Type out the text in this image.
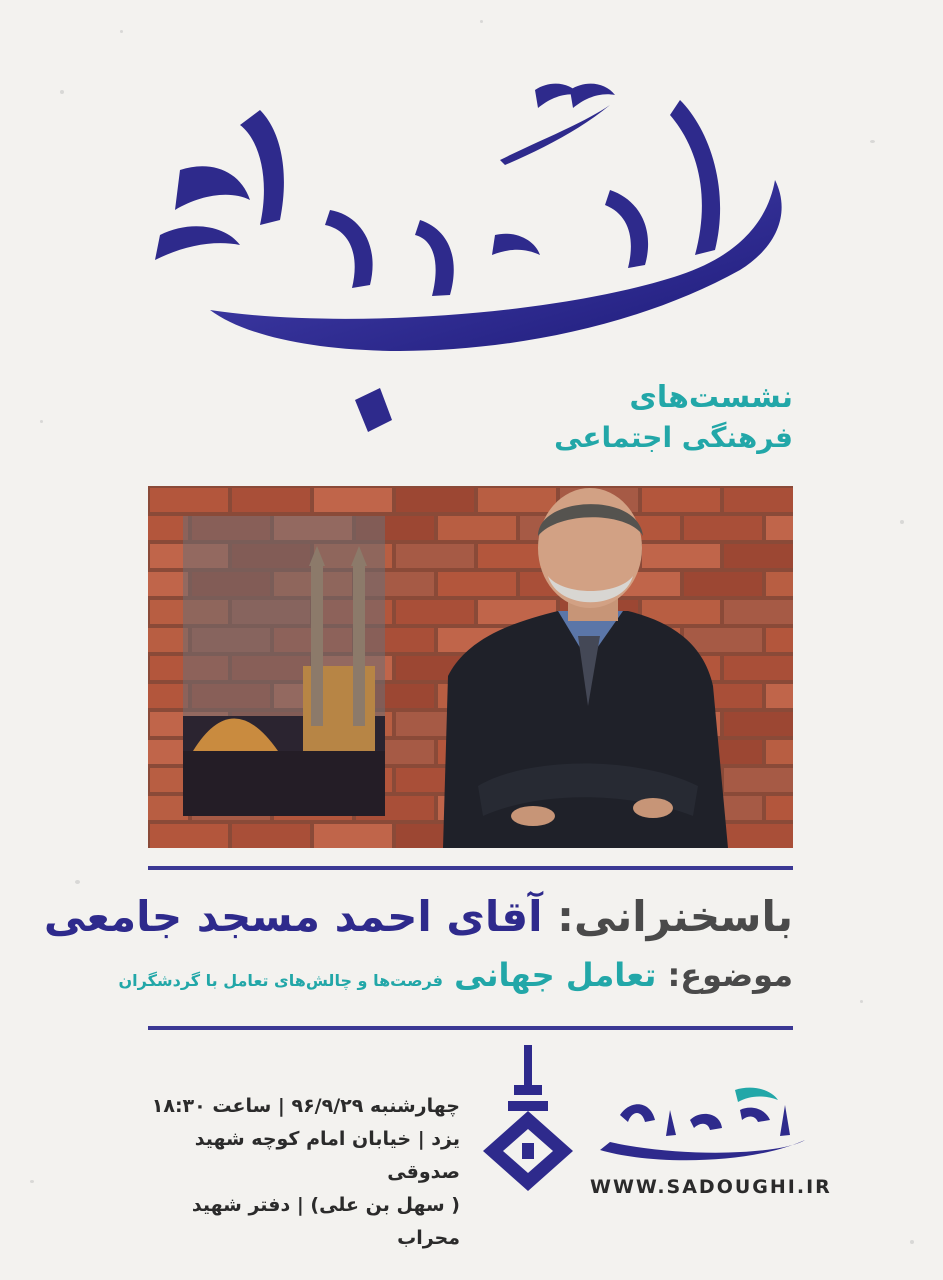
نشست‌های
فرهنگی اجتماعی
باسخنرانی: آقای احمد مسجد جامعی
موضوع: تعامل جهانی فرصت‌ها و چالش‌های تعامل با گردشگران
چهارشنبه ۹۶/۹/۲۹ | ساعت ۱۸:۳۰
یزد | خیابان امام کوچه شهید صدوقی
( سهل بن علی) | دفتر شهید محراب
WWW.SADOUGHI.IR
